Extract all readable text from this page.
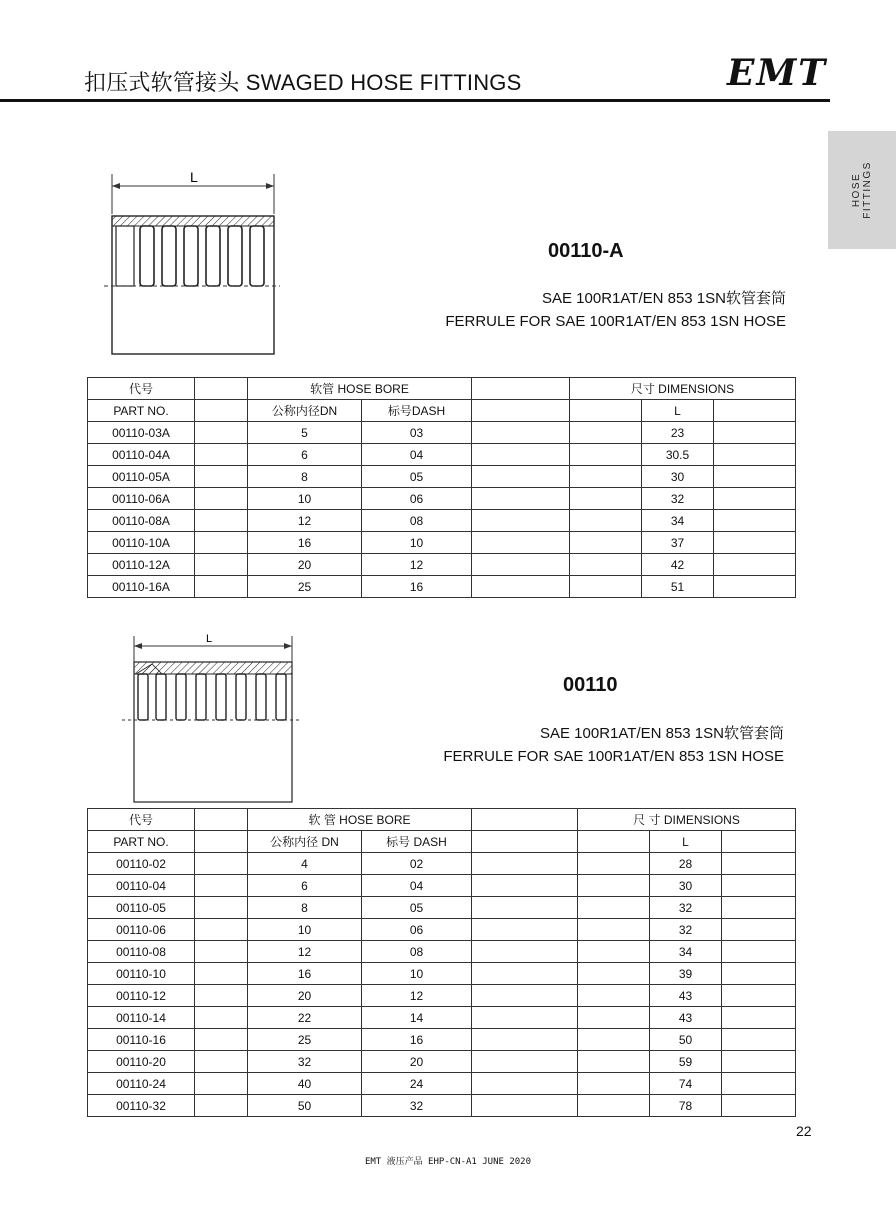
扣压式软管接头 SWAGED HOSE FITTINGS	EMT
HOSE FITTINGS
L
00110-A
SAE 100R1AT/EN 853 1SN软管套筒
FERRULE FOR SAE 100R1AT/EN 853 1SN HOSE
代号		软管 HOSE BORE			尺寸 DIMENSIONS		
PART NO.		公称内径DN	标号DASH			L	
00110-03A		5	03			23	
00110-04A		6	04			30.5	
00110-05A		8	05			30	
00110-06A		10	06			32	
00110-08A		12	08			34	
00110-10A		16	10			37	
00110-12A		20	12			42	
00110-16A		25	16			51	
L
00110
SAE 100R1AT/EN 853 1SN软管套筒
FERRULE FOR SAE 100R1AT/EN 853 1SN HOSE
代号		软 管 HOSE BORE			尺 寸 DIMENSIONS		
PART NO.		公称内径 DN	标号 DASH			L	
00110-02		4	02			28	
00110-04		6	04			30	
00110-05		8	05			32	
00110-06		10	06			32	
00110-08		12	08			34	
00110-10		16	10			39	
00110-12		20	12			43	
00110-14		22	14			43	
00110-16		25	16			50	
00110-20		32	20			59	
00110-24		40	24			74	
00110-32		50	32			78	
22
EMT 液压产品 EHP-CN-A1 JUNE 2020
